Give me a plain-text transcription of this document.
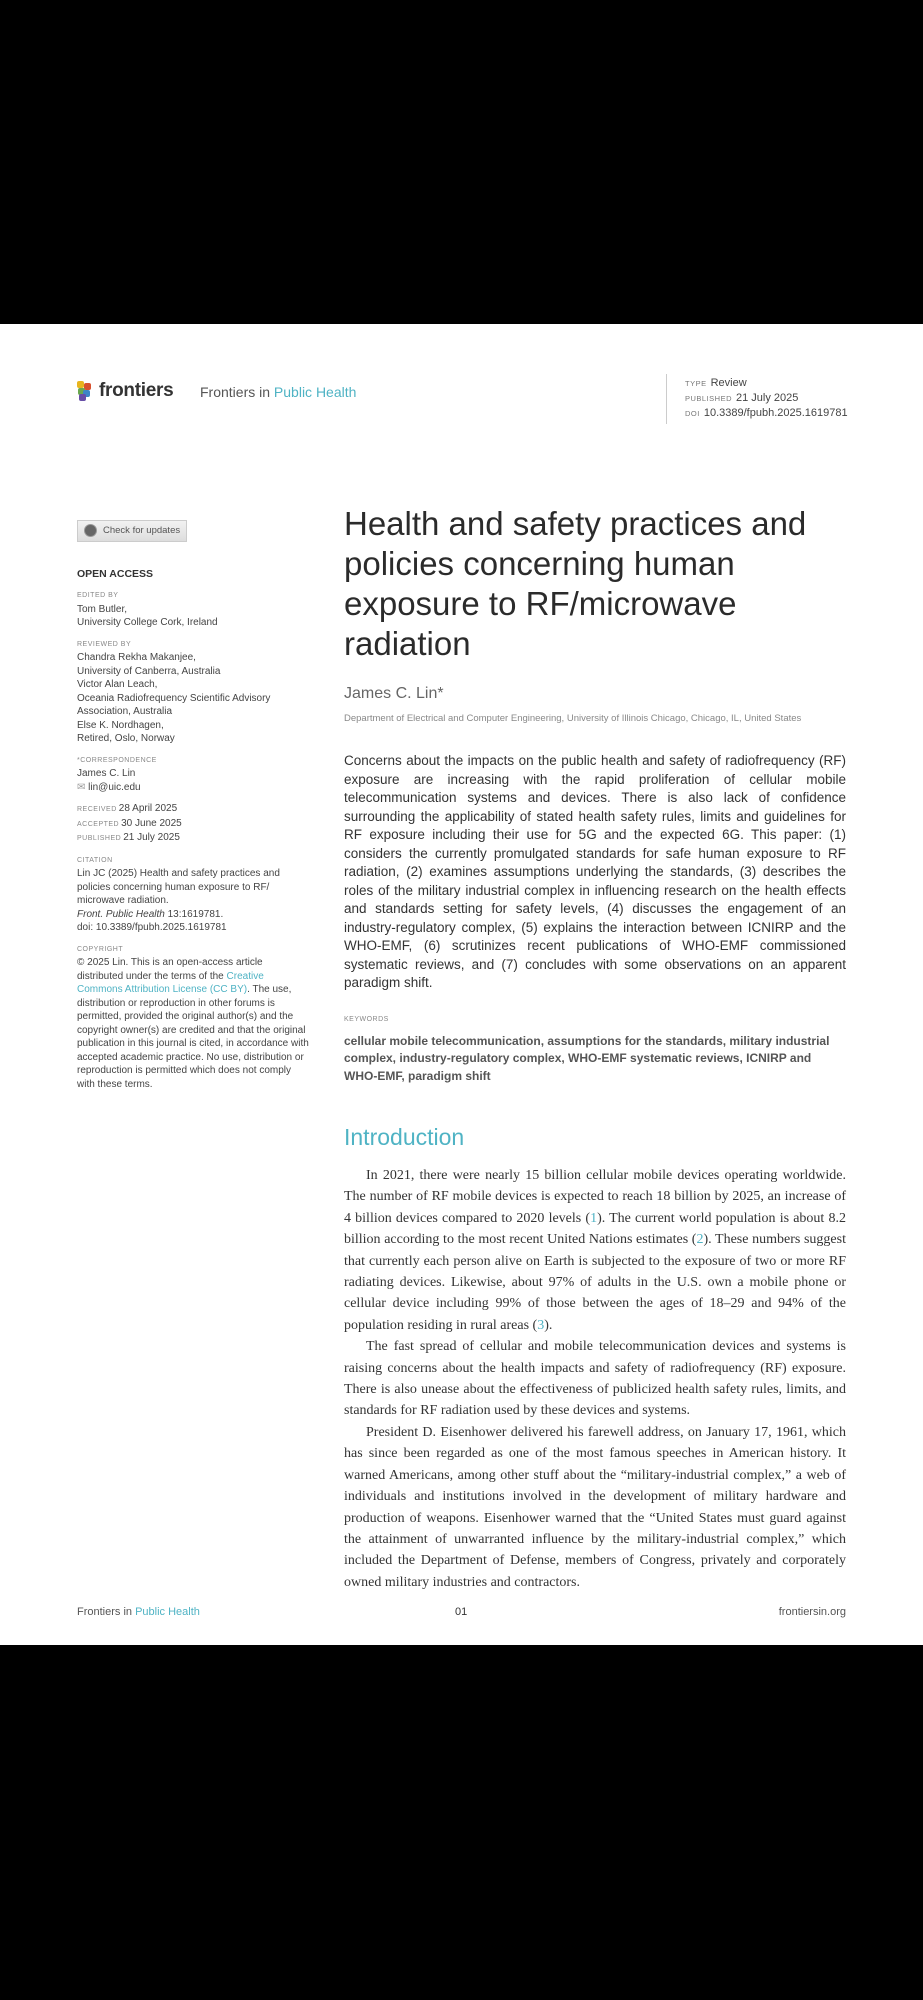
frontiers Frontiers in Public Health
TYPE Review
PUBLISHED 21 July 2025
DOI 10.3389/fpubh.2025.1619781
Check for updates
OPEN ACCESS
EDITED BY
Tom Butler,
University College Cork, Ireland
REVIEWED BY
Chandra Rekha Makanjee,
University of Canberra, Australia
Victor Alan Leach,
Oceania Radiofrequency Scientific Advisory Association, Australia
Else K. Nordhagen,
Retired, Oslo, Norway
*CORRESPONDENCE
James C. Lin
✉ lin@uic.edu
RECEIVED 28 April 2025
ACCEPTED 30 June 2025
PUBLISHED 21 July 2025
CITATION
Lin JC (2025) Health and safety practices and policies concerning human exposure to RF/ microwave radiation.
Front. Public Health 13:1619781.
doi: 10.3389/fpubh.2025.1619781
COPYRIGHT
© 2025 Lin. This is an open-access article distributed under the terms of the Creative Commons Attribution License (CC BY). The use, distribution or reproduction in other forums is permitted, provided the original author(s) and the copyright owner(s) are credited and that the original publication in this journal is cited, in accordance with accepted academic practice. No use, distribution or reproduction is permitted which does not comply with these terms.
Health and safety practices and policies concerning human exposure to RF/microwave radiation
James C. Lin*
Department of Electrical and Computer Engineering, University of Illinois Chicago, Chicago, IL, United States
Concerns about the impacts on the public health and safety of radiofrequency (RF) exposure are increasing with the rapid proliferation of cellular mobile telecommunication systems and devices. There is also lack of confidence surrounding the applicability of stated health safety rules, limits and guidelines for RF exposure including their use for 5G and the expected 6G. This paper: (1) considers the currently promulgated standards for safe human exposure to RF radiation, (2) examines assumptions underlying the standards, (3) describes the roles of the military industrial complex in influencing research on the health effects and standards setting for safety levels, (4) discusses the engagement of an industry-regulatory complex, (5) explains the interaction between ICNIRP and the WHO-EMF, (6) scrutinizes recent publications of WHO-EMF commissioned systematic reviews, and (7) concludes with some observations on an apparent paradigm shift.
KEYWORDS
cellular mobile telecommunication, assumptions for the standards, military industrial complex, industry-regulatory complex, WHO-EMF systematic reviews, ICNIRP and WHO-EMF, paradigm shift
Introduction

In 2021, there were nearly 15 billion cellular mobile devices operating worldwide. The number of RF mobile devices is expected to reach 18 billion by 2025, an increase of 4 billion devices compared to 2020 levels (1). The current world population is about 8.2 billion according to the most recent United Nations estimates (2). These numbers suggest that currently each person alive on Earth is subjected to the exposure of two or more RF radiating devices. Likewise, about 97% of adults in the U.S. own a mobile phone or cellular device including 99% of those between the ages of 18–29 and 94% of the population residing in rural areas (3).

The fast spread of cellular and mobile telecommunication devices and systems is raising concerns about the health impacts and safety of radiofrequency (RF) exposure. There is also unease about the effectiveness of publicized health safety rules, limits, and standards for RF radiation used by these devices and systems.

President D. Eisenhower delivered his farewell address, on January 17, 1961, which has since been regarded as one of the most famous speeches in American history. It warned Americans, among other stuff about the “military-industrial complex,” a web of individuals and institutions involved in the development of military hardware and production of weapons. Eisenhower warned that the “United States must guard against the attainment of unwarranted influence by the military-industrial complex,” which included the Department of Defense, members of Congress, privately and corporately owned military industries and contractors.

Frontiers in Public Health	01	frontiersin.org
